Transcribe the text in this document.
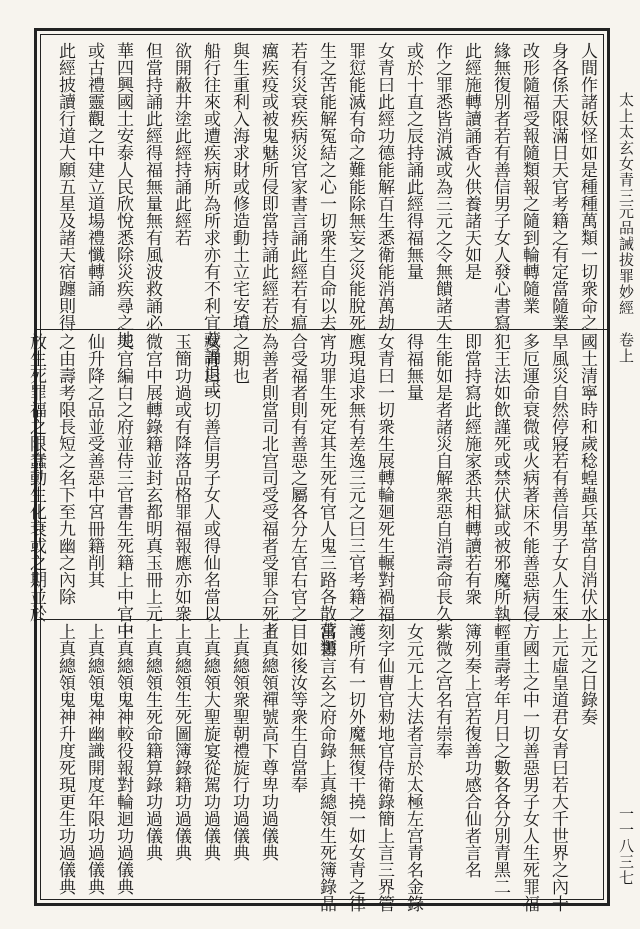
太上太玄女青三元品誡拔罪妙經　卷上
一一八三七
人間作諸妖怪如是種種萬類一切衆命之
身各係天限滿日天官考籍之有定當隨業
改形隨福受報隨類報之隨到輪轉隨業
緣無復別者若有善信男子女人發心書寫
此經施轉讀誦香火供養諸天如是
作之罪悉皆消滅或為三元之令無饋諸天
或於十直之辰持誦此經得福無量
女青曰此經功德能解百生悉衛能消萬劫
罪愆能滅有命之難能除無妄之災能脫死
生之苦能解冤結之心一切衆生自命以去
若有災衰疾病災官家書言誦此經若有瘟
癘疾疫或被鬼魅所侵即當持誦此經若於
與生重利入海求財或修造動土立宅安墳
船行往來或遭疾病所為所求亦有不利宜藏誦退或
欲開蔽井塗此經持誦此經若
但當持誦此經得福無量無有風波救誦必
華四興國土安泰人民欣悅悉除災疾尋之地
或古禮靈觀之中建立道場禮懺轉誦
此經披讀行道大願五星及諸天宿躔則得
國土清寧時和歲稔蝗蟲兵革當自消伏水
旱風災自然停寢若有善信男子女人生來
多厄運命衰微或火病著床不能善惡病侵
犯王法如飲謹死或禁伏獄或被邪魔所執
即當持寫此經施家悉共相轉讀若有衆
生能如是者諸災自解衆惡自消壽命長久
得福無量
女青曰一切衆生展轉輪廻死生輾對禍福
應現追求無有差逸三元之曰三官考籍之
宵功罪生死定其生死有官人鬼三路各散萬類
合受福者則有善惡之屬各分左官右官之
為善者則當司北宫司受受福者受罪合死者
之期也
女青曰一切善信男子女人或得仙名當以
玉簡功過或有降落品格罪福報應亦如衆
微宫中展轉錄籍並封玄都明真玉冊上元
天官編白之府並侍三官書生死籍上中官中
仙升降之品並受善惡中宮冊籍削其
之由壽考限長短之名下至九幽之內除
放生死罪福之限蠢動生化衰或之期並於
上元之日錄奏
上元虛皇道君女青曰若大千世界之內十
方國土之中一切善惡男子女人生死罪福
輕重壽考年月日之數各各分別青黑二
簿列奏上宫若復善功感合仙者言名
紫微之宫名有崇奉
女元元上大法者言於太極左宫青名金錄
刻字仙曹官勑地官侍衛錄簡上言三界管
護所有一切外魔無復干撓一如女青之律
當書言玄之府命錄上真總領生死簿錄品
目如後汝等衆生自當奉
上真總領禪號高下尊卑功過儀典
上真總領衆聖朝禮旋行功過儀典
上真總領大聖旋宴從駕功過儀典
上真總領生死圖簿錄籍功過儀典
上真總領生死命籍算錄功過儀典
上真總領鬼神較役報對輪迴功過儀典
上真總領鬼神幽識開度年限功過儀典
上真總領鬼神升度死現更生功過儀典
